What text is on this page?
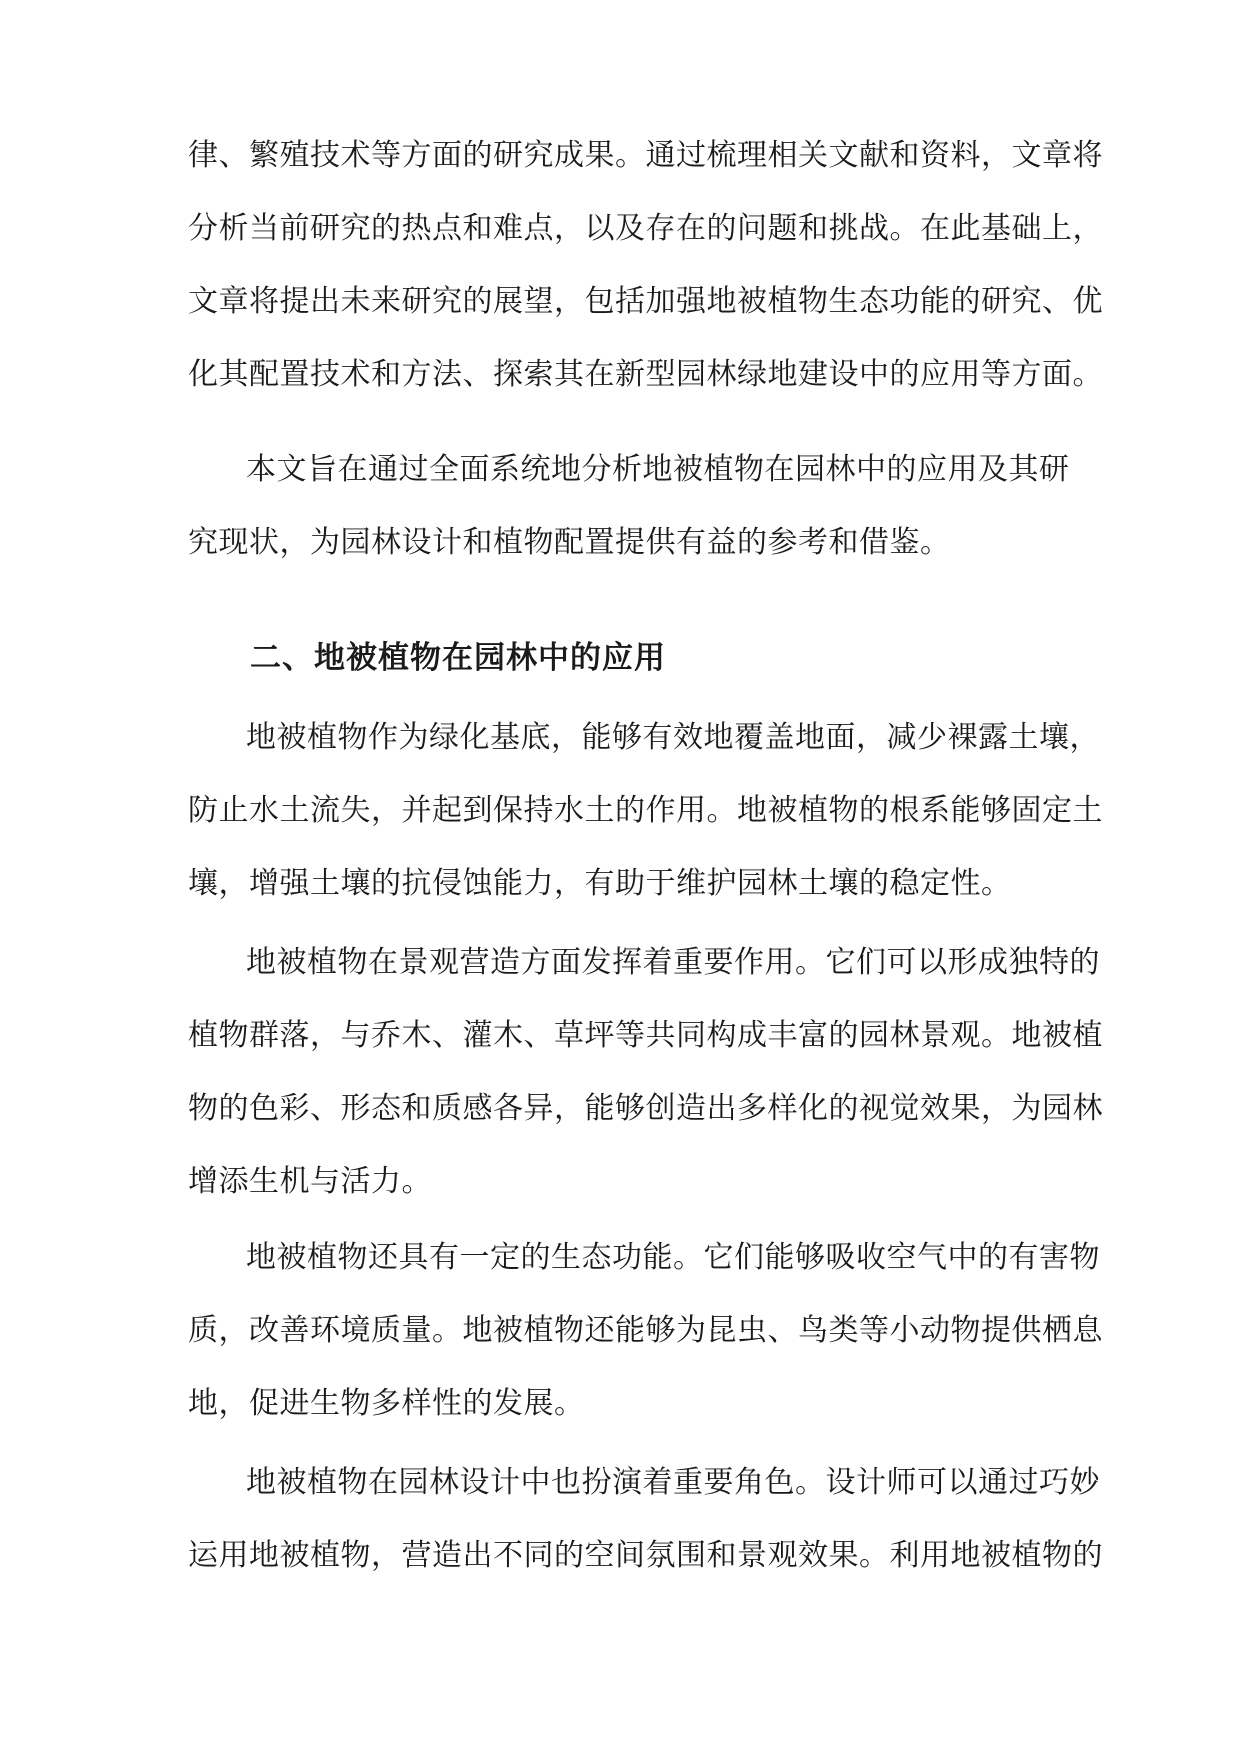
律、繁殖技术等方面的研究成果。通过梳理相关文献和资料，文章将
分析当前研究的热点和难点，以及存在的问题和挑战。在此基础上，
文章将提出未来研究的展望，包括加强地被植物生态功能的研究、优
化其配置技术和方法、探索其在新型园林绿地建设中的应用等方面。
本文旨在通过全面系统地分析地被植物在园林中的应用及其研
究现状，为园林设计和植物配置提供有益的参考和借鉴。
二、地被植物在园林中的应用
地被植物作为绿化基底，能够有效地覆盖地面，减少裸露土壤，
防止水土流失，并起到保持水土的作用。地被植物的根系能够固定土
壤，增强土壤的抗侵蚀能力，有助于维护园林土壤的稳定性。
地被植物在景观营造方面发挥着重要作用。它们可以形成独特的
植物群落，与乔木、灌木、草坪等共同构成丰富的园林景观。地被植
物的色彩、形态和质感各异，能够创造出多样化的视觉效果，为园林
增添生机与活力。
地被植物还具有一定的生态功能。它们能够吸收空气中的有害物
质，改善环境质量。地被植物还能够为昆虫、鸟类等小动物提供栖息
地，促进生物多样性的发展。
地被植物在园林设计中也扮演着重要角色。设计师可以通过巧妙
运用地被植物，营造出不同的空间氛围和景观效果。利用地被植物的
